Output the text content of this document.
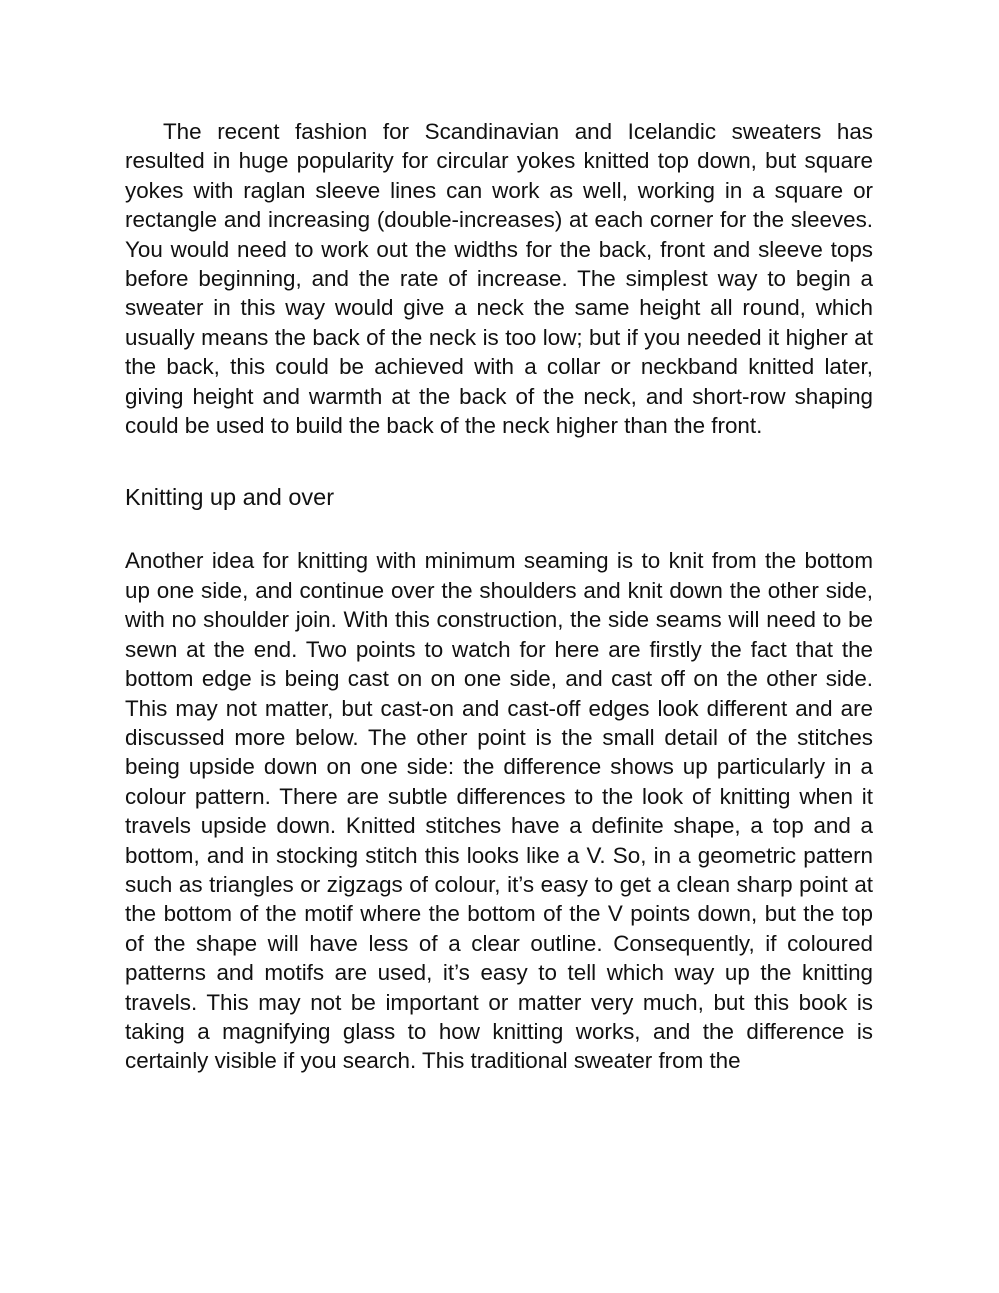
The recent fashion for Scandinavian and Icelandic sweaters has resulted in huge popularity for circular yokes knitted top down, but square yokes with raglan sleeve lines can work as well, working in a square or rectangle and increasing (double-increases) at each corner for the sleeves. You would need to work out the widths for the back, front and sleeve tops before beginning, and the rate of increase. The simplest way to begin a sweater in this way would give a neck the same height all round, which usually means the back of the neck is too low; but if you needed it higher at the back, this could be achieved with a collar or neckband knitted later, giving height and warmth at the back of the neck, and short-row shaping could be used to build the back of the neck higher than the front.

Knitting up and over

Another idea for knitting with minimum seaming is to knit from the bottom up one side, and continue over the shoulders and knit down the other side, with no shoulder join. With this construction, the side seams will need to be sewn at the end. Two points to watch for here are firstly the fact that the bottom edge is being cast on on one side, and cast off on the other side. This may not matter, but cast-on and cast-off edges look different and are discussed more below. The other point is the small detail of the stitches being upside down on one side: the difference shows up particularly in a colour pattern. There are subtle differences to the look of knitting when it travels upside down. Knitted stitches have a definite shape, a top and a bottom, and in stocking stitch this looks like a V. So, in a geometric pattern such as triangles or zigzags of colour, it’s easy to get a clean sharp point at the bottom of the motif where the bottom of the V points down, but the top of the shape will have less of a clear outline. Consequently, if coloured patterns and motifs are used, it’s easy to tell which way up the knitting travels. This may not be important or matter very much, but this book is taking a magnifying glass to how knitting works, and the difference is certainly visible if you search. This traditional sweater from the
